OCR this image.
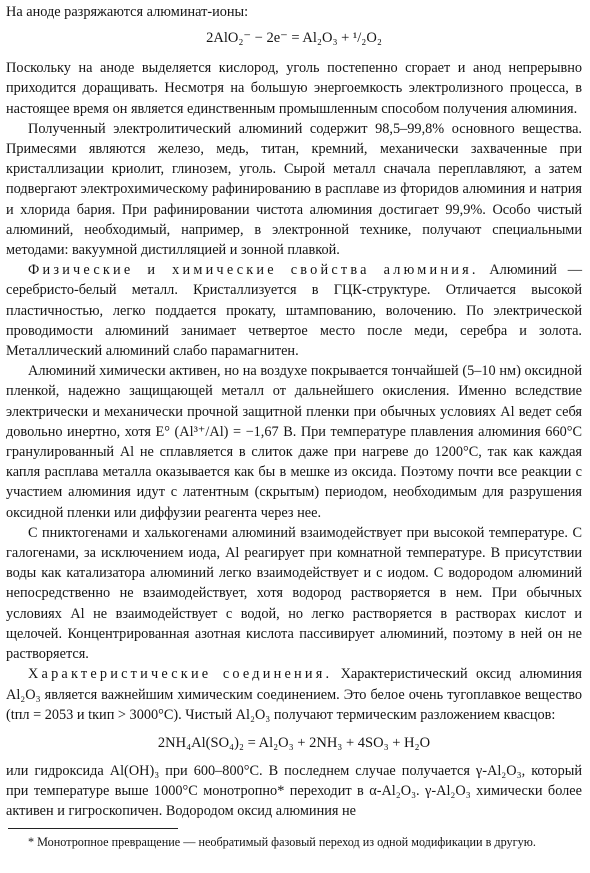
На аноде разряжаются алюминат-ионы:

2AlO₂⁻ − 2e⁻ = Al₂O₃ + ¹/₂O₂

Поскольку на аноде выделяется кислород, уголь постепенно сгорает и анод непрерывно приходится доращивать. Несмотря на большую энергоемкость электролизного процесса, в настоящее время он является единственным промышленным способом получения алюминия.

Полученный электролитический алюминий содержит 98,5–99,8% основного вещества. Примесями являются железо, медь, титан, кремний, механически захваченные при кристаллизации криолит, глинозем, уголь. Сырой металл сначала переплавляют, а затем подвергают электрохимическому рафинированию в расплаве из фторидов алюминия и натрия и хлорида бария. При рафинировании чистота алюминия достигает 99,9%. Особо чистый алюминий, необходимый, например, в электронной технике, получают специальными методами: вакуумной дистилляцией и зонной плавкой.

Физические и химические свойства алюминия. Алюминий — серебристо-белый металл. Кристаллизуется в ГЦК-структуре. Отличается высокой пластичностью, легко поддается прокату, штампованию, волочению. По электрической проводимости алюминий занимает четвертое место после меди, серебра и золота. Металлический алюминий слабо парамагнитен.

Алюминий химически активен, но на воздухе покрывается тончайшей (5–10 нм) оксидной пленкой, надежно защищающей металл от дальнейшего окисления. Именно вследствие электрически и механически прочной защитной пленки при обычных условиях Al ведет себя довольно инертно, хотя E° (Al³⁺/Al) = −1,67 В. При температуре плавления алюминия 660°C гранулированный Al не сплавляется в слиток даже при нагреве до 1200°C, так как каждая капля расплава металла оказывается как бы в мешке из оксида. Поэтому почти все реакции с участием алюминия идут с латентным (скрытым) периодом, необходимым для разрушения оксидной пленки или диффузии реагента через нее.

С пниктогенами и халькогенами алюминий взаимодействует при высокой температуре. С галогенами, за исключением иода, Al реагирует при комнатной температуре. В присутствии воды как катализатора алюминий легко взаимодействует и с иодом. С водородом алюминий непосредственно не взаимодействует, хотя водород растворяется в нем. При обычных условиях Al не взаимодействует с водой, но легко растворяется в растворах кислот и щелочей. Концентрированная азотная кислота пассивирует алюминий, поэтому в ней он не растворяется.

Характеристические соединения. Характеристический оксид алюминия Al₂O₃ является важнейшим химическим соединением. Это белое очень тугоплавкое вещество (tпл = 2053 и tкип > 3000°C). Чистый Al₂O₃ получают термическим разложением квасцов:

2NH₄Al(SO₄)₂ = Al₂O₃ + 2NH₃ + 4SO₃ + H₂O

или гидроксида Al(OH)₃ при 600–800°C. В последнем случае получается γ-Al₂O₃, который при температуре выше 1000°C монотропно* переходит в α-Al₂O₃. γ-Al₂O₃ химически более активен и гигроскопичен. Водородом оксид алюминия не

* Монотропное превращение — необратимый фазовый переход из одной модификации в другую.
